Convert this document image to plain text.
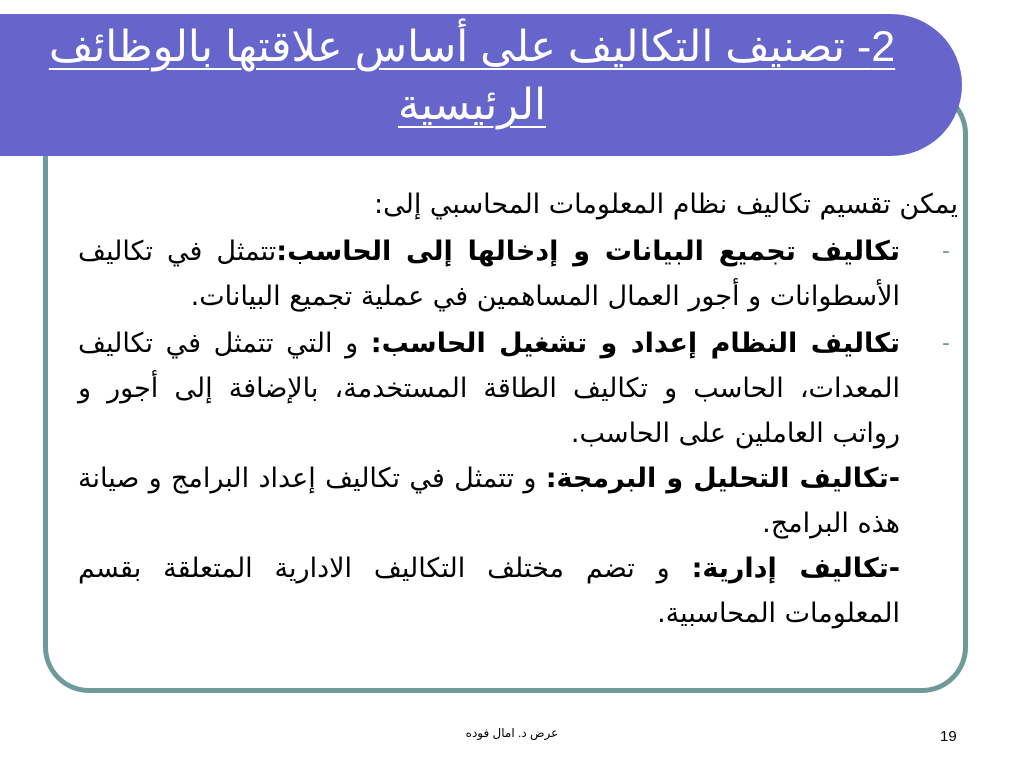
2- تصنيف التكاليف على أساس علاقتها بالوظائف الرئيسية

يمكن تقسيم تكاليف نظام المعلومات المحاسبي إلى:

-
تكاليف تجميع البيانات و إدخالها إلى الحاسب:تتمثل في تكاليف الأسطوانات و أجور العمال المساهمين في عملية تجميع البيانات.
-
تكاليف النظام إعداد و تشغيل الحاسب: و التي تتمثل في تكاليف المعدات، الحاسب و تكاليف الطاقة المستخدمة، بالإضافة إلى أجور و رواتب العاملين على الحاسب.

-تكاليف التحليل و البرمجة: و تتمثل في تكاليف إعداد البرامج و صيانة هذه البرامج.

-تكاليف إدارية: و تضم مختلف التكاليف الادارية المتعلقة بقسم المعلومات المحاسبية.

عرض د. امال فوده	19
